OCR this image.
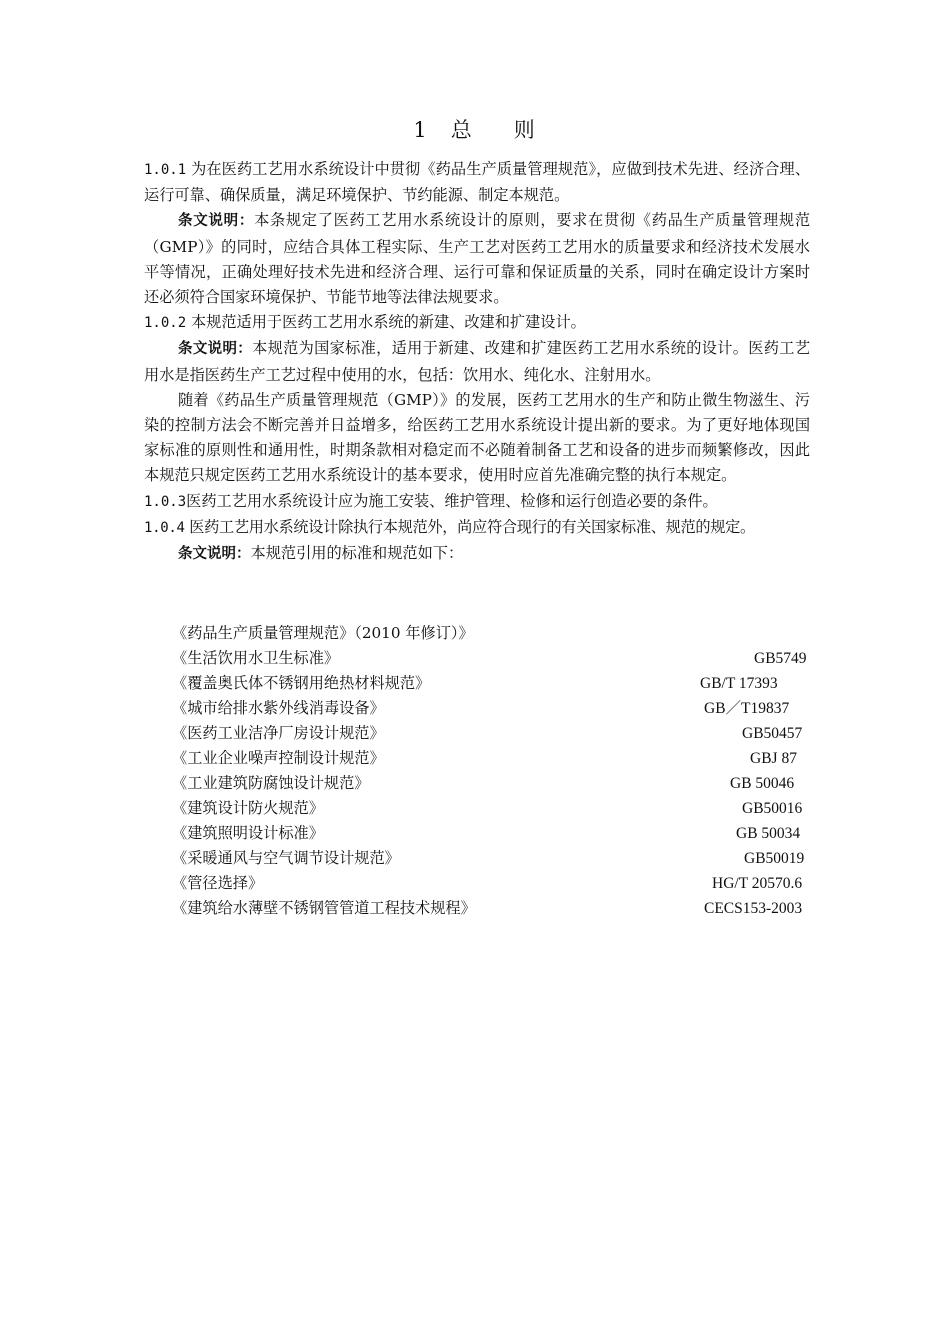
1 总 则

1.0.1 为在医药工艺用水系统设计中贯彻《药品生产质量管理规范》，应做到技术先进、经济合理、运行可靠、确保质量，满足环境保护、节约能源、制定本规范。

条文说明：本条规定了医药工艺用水系统设计的原则，要求在贯彻《药品生产质量管理规范（GMP）》的同时，应结合具体工程实际、生产工艺对医药工艺用水的质量要求和经济技术发展水平等情况，正确处理好技术先进和经济合理、运行可靠和保证质量的关系，同时在确定设计方案时还必须符合国家环境保护、节能节地等法律法规要求。

1.0.2 本规范适用于医药工艺用水系统的新建、改建和扩建设计。

条文说明：本规范为国家标准，适用于新建、改建和扩建医药工艺用水系统的设计。医药工艺用水是指医药生产工艺过程中使用的水，包括：饮用水、纯化水、注射用水。

随着《药品生产质量管理规范（GMP）》的发展，医药工艺用水的生产和防止微生物滋生、污染的控制方法会不断完善并日益增多，给医药工艺用水系统设计提出新的要求。为了更好地体现国家标准的原则性和通用性，时期条款相对稳定而不必随着制备工艺和设备的进步而频繁修改，因此本规范只规定医药工艺用水系统设计的基本要求，使用时应首先准确完整的执行本规定。

1.0.3医药工艺用水系统设计应为施工安装、维护管理、检修和运行创造必要的条件。

1.0.4 医药工艺用水系统设计除执行本规范外，尚应符合现行的有关国家标准、规范的规定。

条文说明：本规范引用的标准和规范如下：

《药品生产质量管理规范》（2010 年修订）》
《生活饮用水卫生标准》	GB5749
《覆盖奥氏体不锈钢用绝热材料规范》	GB/T 17393
《城市给排水紫外线消毒设备》	GB／T19837
《医药工业洁净厂房设计规范》	GB50457
《工业企业噪声控制设计规范》	GBJ 87
《工业建筑防腐蚀设计规范》	GB 50046
《建筑设计防火规范》	GB50016
《建筑照明设计标准》	GB 50034
《采暖通风与空气调节设计规范》	GB50019
《管径选择》	HG/T 20570.6
《建筑给水薄壁不锈钢管管道工程技术规程》	CECS153-2003
